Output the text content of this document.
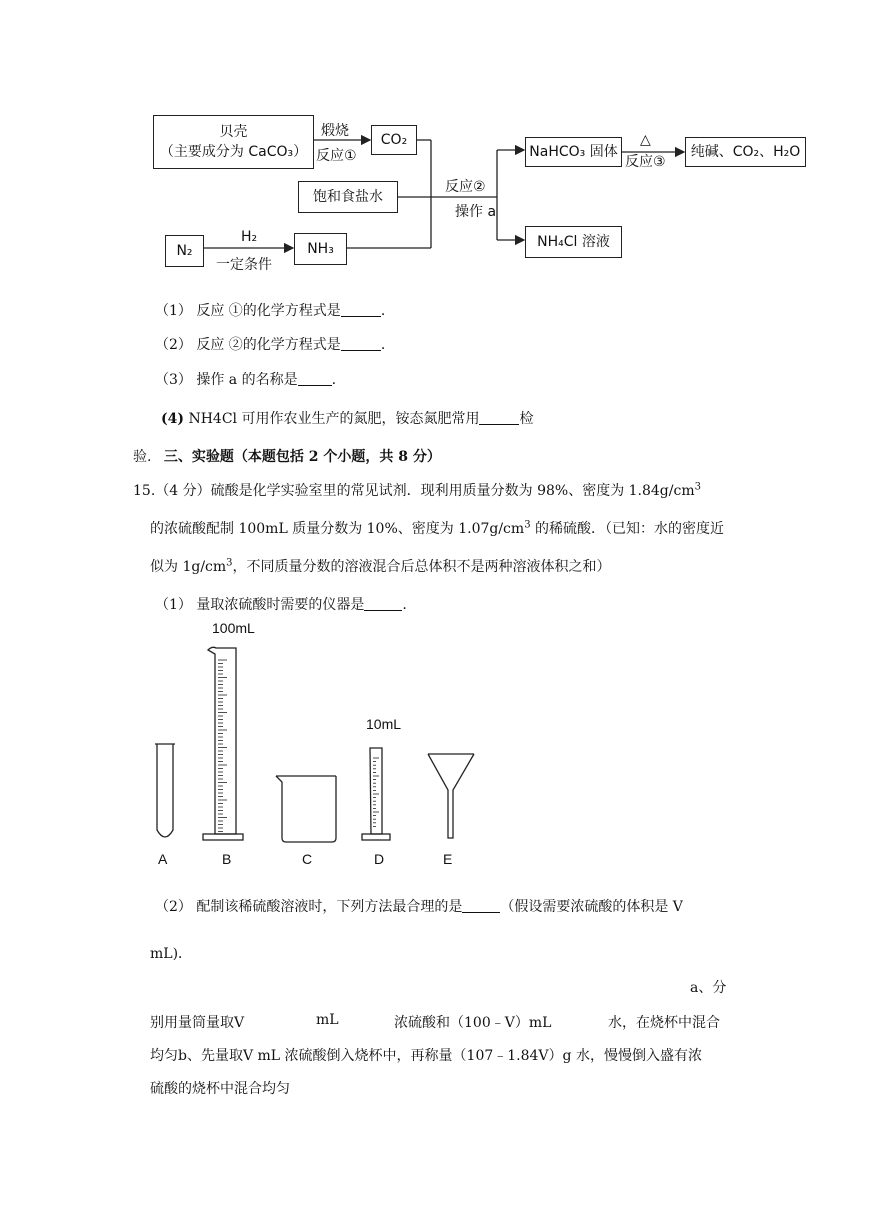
贝壳
（主要成分为 CaCO₃）
煅烧
反应①
CO₂
饱和食盐水
反应②
操作 a
NaHCO₃ 固体
△
反应③
纯碱、CO₂、H₂O
NH₄Cl 溶液
N₂
H₂
一定条件
NH₃
（1） 反应 ①的化学方程式是	.
（2） 反应 ②的化学方程式是	.
（3） 操作 a 的名称是 .
(4) NH4Cl 可用作农业生产的氮肥，铵态氮肥常用	检
验. 三、实验题（本题包括 2 个小题，共 8 分）
15.（4 分）硫酸是化学实验室里的常见试剂．现利用质量分数为 98%、密度为 $1.84g/cm^3$
的浓硫酸配制 100mL 质量分数为 10%、密度为 $1.07g/cm^3$ 的稀硫酸．（已知：水的密度近
似为 $1g/cm^3$，不同质量分数的溶液混合后总体积不是两种溶液体积之和）
（1） 量取浓硫酸时需要的仪器是	.
100mL
10mL
A	B	C	D	E
（2） 配制该稀硫酸溶液时，下列方法最合理的是	（假设需要浓硫酸的体积是 V
mL)．
a、分
别用量筒量取V	mL	浓硫酸和（100﹣V）mL	水，在烧杯中混合
均匀b、先量取V mL 浓硫酸倒入烧杯中，再称量（107﹣1.84V）g 水，慢慢倒入盛有浓
硫酸的烧杯中混合均匀
